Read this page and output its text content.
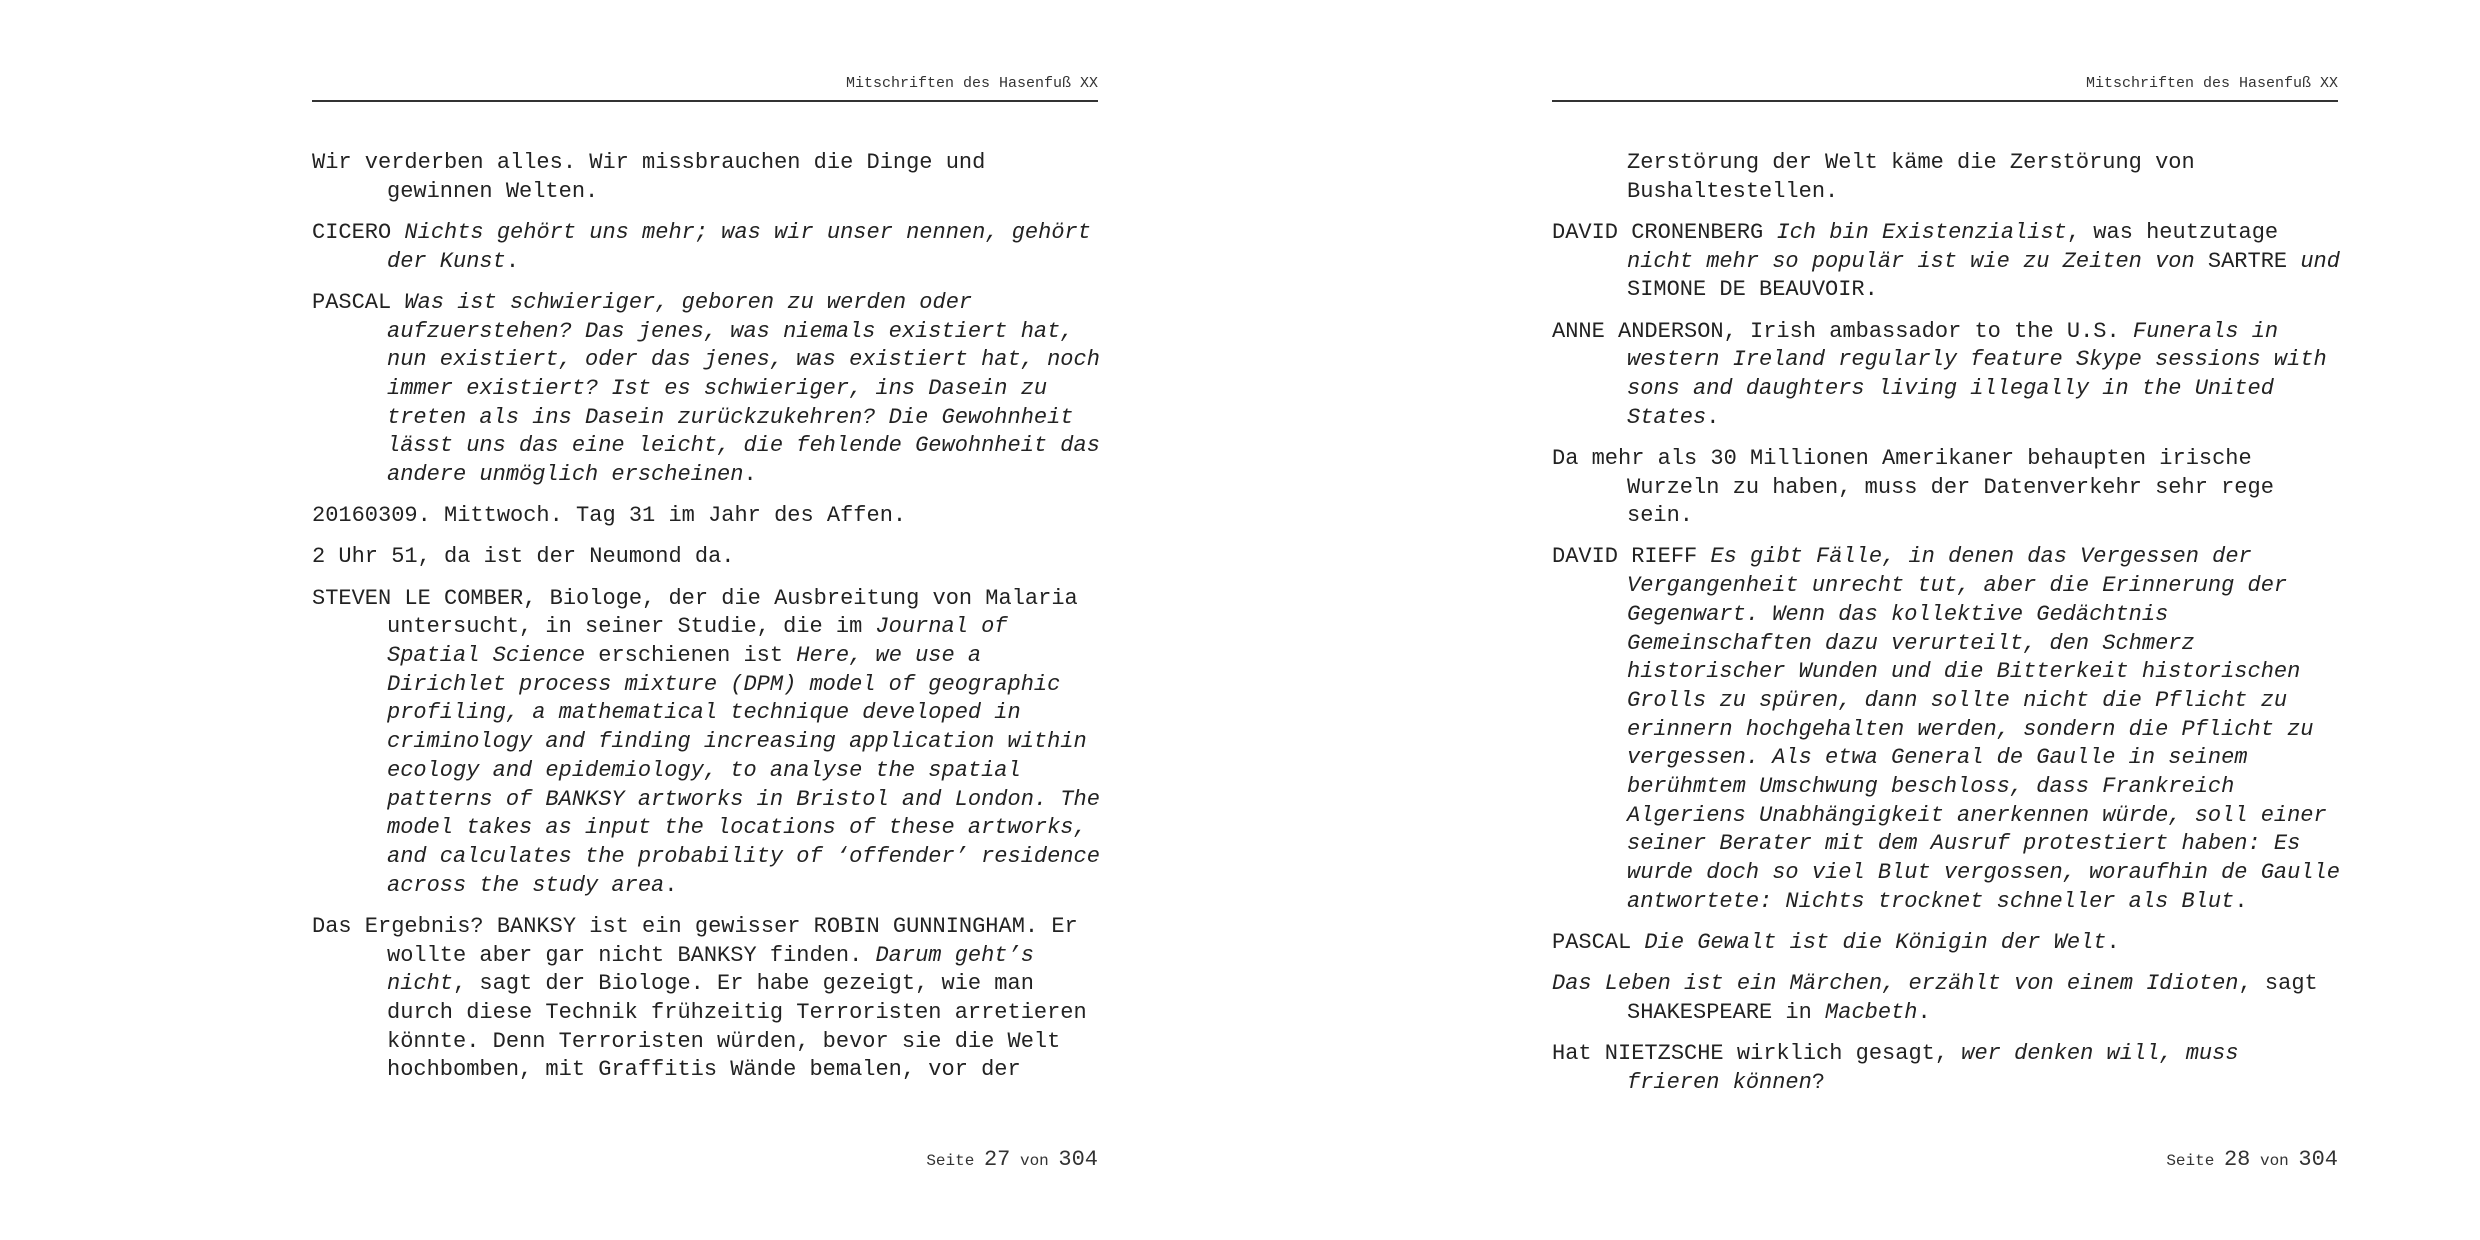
Mitschriften des Hasenfuß XX

Wir verderben alles. Wir missbrauchen die Dinge und gewinnen Welten.

CICERO Nichts gehört uns mehr; was wir unser nennen, gehört der Kunst.

PASCAL Was ist schwieriger, geboren zu werden oder aufzuerstehen? Das jenes, was niemals existiert hat, nun existiert, oder das jenes, was existiert hat, noch immer existiert? Ist es schwieriger, ins Dasein zu treten als ins Dasein zurückzukehren? Die Gewohnheit lässt uns das eine leicht, die fehlende Gewohnheit das andere unmöglich erscheinen.

20160309. Mittwoch. Tag 31 im Jahr des Affen.

2 Uhr 51, da ist der Neumond da.

STEVEN LE COMBER, Biologe, der die Ausbreitung von Malaria untersucht, in seiner Studie, die im Journal of Spatial Science erschienen ist Here, we use a Dirichlet process mixture (DPM) model of geographic profiling, a mathematical technique developed in criminology and finding increasing application within ecology and epidemiology, to analyse the spatial patterns of BANKSY artworks in Bristol and London. The model takes as input the locations of these artworks, and calculates the probability of ‘offender’ residence across the study area.

Das Ergebnis? BANKSY ist ein gewisser ROBIN GUNNINGHAM. Er wollte aber gar nicht BANKSY finden. Darum geht’s nicht, sagt der Biologe. Er habe gezeigt, wie man durch diese Technik frühzeitig Terroristen arretieren könnte. Denn Terroristen würden, bevor sie die Welt hochbomben, mit Graffitis Wände bemalen, vor der

Seite 27 von 304
Mitschriften des Hasenfuß XX

Zerstörung der Welt käme die Zerstörung von Bushaltestellen.

DAVID CRONENBERG Ich bin Existenzialist, was heutzutage nicht mehr so populär ist wie zu Zeiten von SARTRE und SIMONE DE BEAUVOIR.

ANNE ANDERSON, Irish ambassador to the U.S. Funerals in western Ireland regularly feature Skype sessions with sons and daughters living illegally in the United States.

Da mehr als 30 Millionen Amerikaner behaupten irische Wurzeln zu haben, muss der Datenverkehr sehr rege sein.

DAVID RIEFF Es gibt Fälle, in denen das Vergessen der Vergangenheit unrecht tut, aber die Erinnerung der Gegenwart. Wenn das kollektive Gedächtnis Gemeinschaften dazu verurteilt, den Schmerz historischer Wunden und die Bitterkeit historischen Grolls zu spüren, dann sollte nicht die Pflicht zu erinnern hochgehalten werden, sondern die Pflicht zu vergessen. Als etwa General de Gaulle in seinem berühmtem Umschwung beschloss, dass Frankreich Algeriens Unabhängigkeit anerkennen würde, soll einer seiner Berater mit dem Ausruf protestiert haben: Es wurde doch so viel Blut vergossen, woraufhin de Gaulle antwortete: Nichts trocknet schneller als Blut.

PASCAL Die Gewalt ist die Königin der Welt.

Das Leben ist ein Märchen, erzählt von einem Idioten, sagt SHAKESPEARE in Macbeth.

Hat NIETZSCHE wirklich gesagt, wer denken will, muss frieren können?

Seite 28 von 304
